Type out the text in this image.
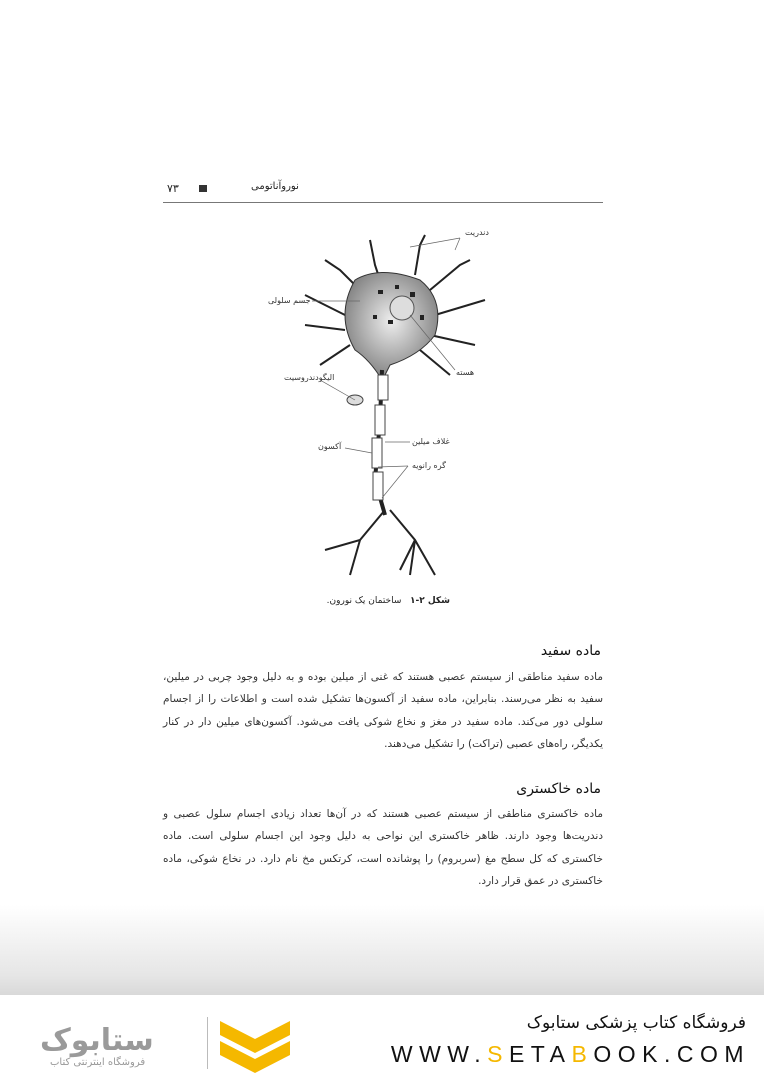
۷۳	نوروآناتومی
دندریت
جسم سلولی
هسته
الیگودندروسیت
غلاف میلین
آکسون
گره رانویه
شکل ۲-۱   ساختمان یک نورون.
ماده سفید
ماده سفید مناطقی از سیستم عصبی هستند که غنی از میلین بوده و به دلیل وجود چربی در میلین، سفید به نظر می‌رسند. بنابراین، ماده سفید از آکسون‌ها تشکیل شده است و اطلاعات را از اجسام سلولی دور می‌کند. ماده سفید در مغز و نخاع شوکی یافت می‌شود. آکسون‌های میلین دار در کنار یکدیگر، راه‌های عصبی (تراکت) را تشکیل می‌دهند.
ماده خاکستری
ماده خاکستری مناطقی از سیستم عصبی هستند که در آن‌ها تعداد زیادی اجسام سلول عصبی و دندریت‌ها وجود دارند. ظاهر خاکستری این نواحی به دلیل وجود این اجسام سلولی است. ماده خاکستری که کل سطح مغ (سربروم) را پوشانده است، کرتکس مخ نام دارد. در نخاع شوکی، ماده خاکستری در عمق قرار دارد.
ستابوک
فروشگاه اینترنتی کتاب
فروشگاه کتاب پزشکی ستابوک
WWW.SETABOOK.COM
